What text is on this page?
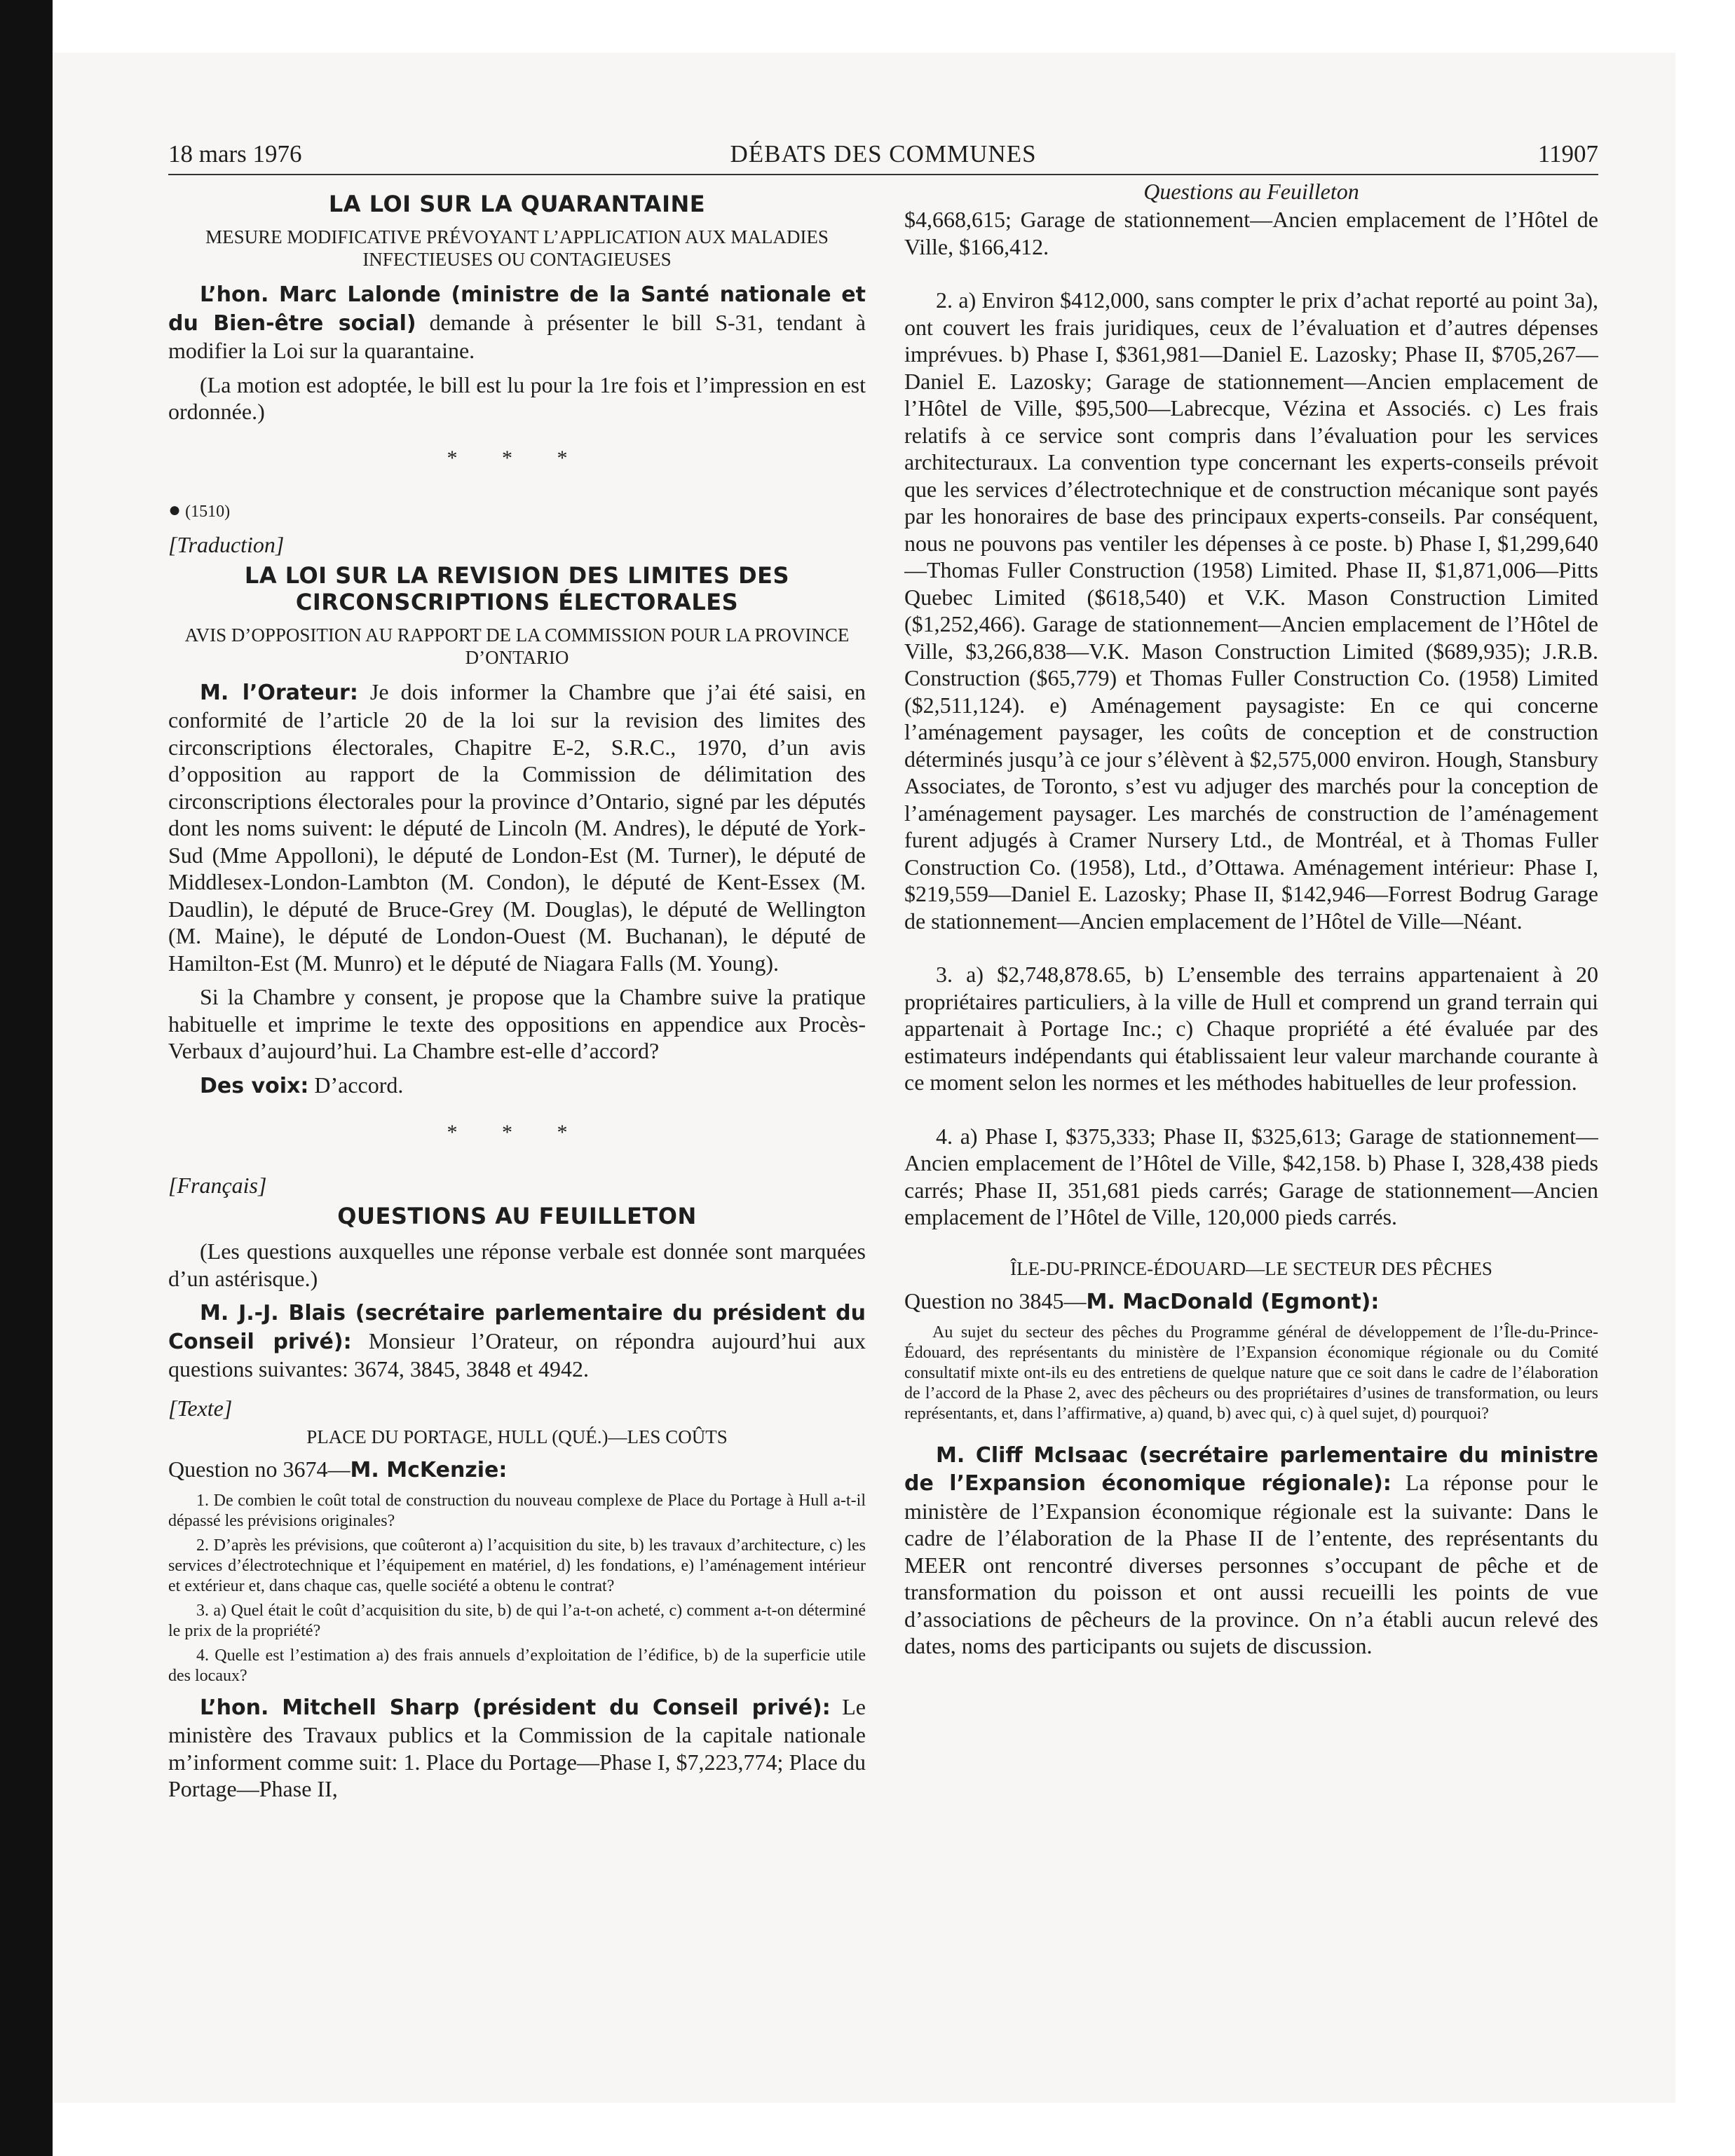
18 mars 1976	DÉBATS DES COMMUNES	11907
LA LOI SUR LA QUARANTAINE
MESURE MODIFICATIVE PRÉVOYANT L’APPLICATION AUX MALADIES INFECTIEUSES OU CONTAGIEUSES

L’hon. Marc Lalonde (ministre de la Santé nationale et du Bien-être social) demande à présenter le bill S-31, tendant à modifier la Loi sur la quarantaine.

(La motion est adoptée, le bill est lu pour la 1re fois et l’impression en est ordonnée.)

* * *
● (1510)
[Traduction]
LA LOI SUR LA REVISION DES LIMITES DES CIRCONSCRIPTIONS ÉLECTORALES
AVIS D’OPPOSITION AU RAPPORT DE LA COMMISSION POUR LA PROVINCE D’ONTARIO

M. l’Orateur: Je dois informer la Chambre que j’ai été saisi, en conformité de l’article 20 de la loi sur la revision des limites des circonscriptions électorales, Chapitre E-2, S.R.C., 1970, d’un avis d’opposition au rapport de la Commission de délimitation des circonscriptions électorales pour la province d’Ontario, signé par les députés dont les noms suivent: le député de Lincoln (M. Andres), le député de York-Sud (Mme Appolloni), le député de London-Est (M. Turner), le député de Middlesex-London-Lambton (M. Condon), le député de Kent-Essex (M. Daudlin), le député de Bruce-Grey (M. Douglas), le député de Wellington (M. Maine), le député de London-Ouest (M. Buchanan), le député de Hamilton-Est (M. Munro) et le député de Niagara Falls (M. Young).

Si la Chambre y consent, je propose que la Chambre suive la pratique habituelle et imprime le texte des oppositions en appendice aux Procès-Verbaux d’aujourd’hui. La Chambre est-elle d’accord?

Des voix: D’accord.

* * *
[Français]
QUESTIONS AU FEUILLETON

(Les questions auxquelles une réponse verbale est donnée sont marquées d’un astérisque.)

M. J.-J. Blais (secrétaire parlementaire du président du Conseil privé): Monsieur l’Orateur, on répondra aujourd’hui aux questions suivantes: 3674, 3845, 3848 et 4942.

[Texte]
PLACE DU PORTAGE, HULL (QUÉ.)—LES COÛTS
Question no 3674—M. McKenzie:

1. De combien le coût total de construction du nouveau complexe de Place du Portage à Hull a-t-il dépassé les prévisions originales?

2. D’après les prévisions, que coûteront a) l’acquisition du site, b) les travaux d’architecture, c) les services d’électrotechnique et l’équipement en matériel, d) les fondations, e) l’aménagement intérieur et extérieur et, dans chaque cas, quelle société a obtenu le contrat?

3. a) Quel était le coût d’acquisition du site, b) de qui l’a-t-on acheté, c) comment a-t-on déterminé le prix de la propriété?

4. Quelle est l’estimation a) des frais annuels d’exploitation de l’édifice, b) de la superficie utile des locaux?

L’hon. Mitchell Sharp (président du Conseil privé): Le ministère des Travaux publics et la Commission de la capitale nationale m’informent comme suit: 1. Place du Portage—Phase I, $7,223,774; Place du Portage—Phase II,

Questions au Feuilleton

$4,668,615; Garage de stationnement—Ancien emplacement de l’Hôtel de Ville, $166,412.

2. a) Environ $412,000, sans compter le prix d’achat reporté au point 3a), ont couvert les frais juridiques, ceux de l’évaluation et d’autres dépenses imprévues. b) Phase I, $361,981—Daniel E. Lazosky; Phase II, $705,267—Daniel E. Lazosky; Garage de stationnement—Ancien emplacement de l’Hôtel de Ville, $95,500—Labrecque, Vézina et Associés. c) Les frais relatifs à ce service sont compris dans l’évaluation pour les services architecturaux. La convention type concernant les experts-conseils prévoit que les services d’électrotechnique et de construction mécanique sont payés par les honoraires de base des principaux experts-conseils. Par conséquent, nous ne pouvons pas ventiler les dépenses à ce poste. b) Phase I, $1,299,640—Thomas Fuller Construction (1958) Limited. Phase II, $1,871,006—Pitts Quebec Limited ($618,540) et V.K. Mason Construction Limited ($1,252,466). Garage de stationnement—Ancien emplacement de l’Hôtel de Ville, $3,266,838—V.K. Mason Construction Limited ($689,935); J.R.B. Construction ($65,779) et Thomas Fuller Construction Co. (1958) Limited ($2,511,124). e) Aménagement paysagiste: En ce qui concerne l’aménagement paysager, les coûts de conception et de construction déterminés jusqu’à ce jour s’élèvent à $2,575,000 environ. Hough, Stansbury Associates, de Toronto, s’est vu adjuger des marchés pour la conception de l’aménagement paysager. Les marchés de construction de l’aménagement furent adjugés à Cramer Nursery Ltd., de Montréal, et à Thomas Fuller Construction Co. (1958), Ltd., d’Ottawa. Aménagement intérieur: Phase I, $219,559—Daniel E. Lazosky; Phase II, $142,946—Forrest Bodrug Garage de stationnement—Ancien emplacement de l’Hôtel de Ville—Néant.

3. a) $2,748,878.65, b) L’ensemble des terrains appartenaient à 20 propriétaires particuliers, à la ville de Hull et comprend un grand terrain qui appartenait à Portage Inc.; c) Chaque propriété a été évaluée par des estimateurs indépendants qui établissaient leur valeur marchande courante à ce moment selon les normes et les méthodes habituelles de leur profession.

4. a) Phase I, $375,333; Phase II, $325,613; Garage de stationnement—Ancien emplacement de l’Hôtel de Ville, $42,158. b) Phase I, 328,438 pieds carrés; Phase II, 351,681 pieds carrés; Garage de stationnement—Ancien emplacement de l’Hôtel de Ville, 120,000 pieds carrés.

ÎLE-DU-PRINCE-ÉDOUARD—LE SECTEUR DES PÊCHES
Question no 3845—M. MacDonald (Egmont):

Au sujet du secteur des pêches du Programme général de développement de l’Île-du-Prince-Édouard, des représentants du ministère de l’Expansion économique régionale ou du Comité consultatif mixte ont-ils eu des entretiens de quelque nature que ce soit dans le cadre de l’élaboration de l’accord de la Phase 2, avec des pêcheurs ou des propriétaires d’usines de transformation, ou leurs représentants, et, dans l’affirmative, a) quand, b) avec qui, c) à quel sujet, d) pourquoi?

M. Cliff McIsaac (secrétaire parlementaire du ministre de l’Expansion économique régionale): La réponse pour le ministère de l’Expansion économique régionale est la suivante: Dans le cadre de l’élaboration de la Phase II de l’entente, des représentants du MEER ont rencontré diverses personnes s’occupant de pêche et de transformation du poisson et ont aussi recueilli les points de vue d’associations de pêcheurs de la province. On n’a établi aucun relevé des dates, noms des participants ou sujets de discussion.
